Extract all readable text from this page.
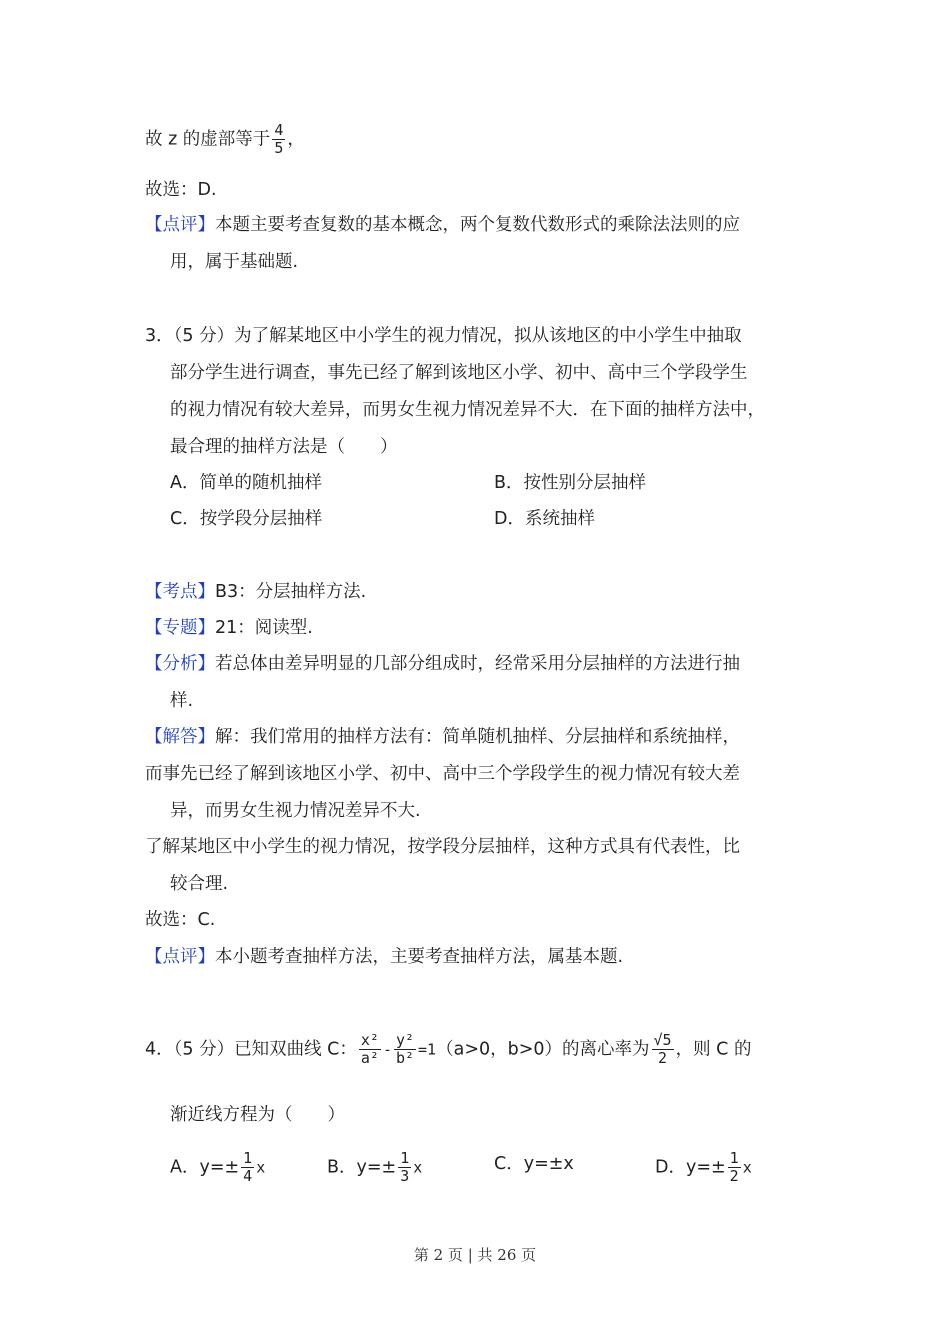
故 z 的虚部等于 $\frac{4}{5}$ ，
故选：D.
【点评】本题主要考查复数的基本概念，两个复数代数形式的乘除法法则的应
用，属于基础题.
3．（5 分）为了解某地区中小学生的视力情况，拟从该地区的中小学生中抽取
部分学生进行调查，事先已经了解到该地区小学、初中、高中三个学段学生
的视力情况有较大差异，而男女生视力情况差异不大．在下面的抽样方法中，
最合理的抽样方法是（　　）
A．简单的随机抽样	B．按性别分层抽样
C．按学段分层抽样	D．系统抽样
【考点】B3：分层抽样方法.
【专题】21：阅读型.
【分析】若总体由差异明显的几部分组成时，经常采用分层抽样的方法进行抽
样.
【解答】解：我们常用的抽样方法有：简单随机抽样、分层抽样和系统抽样，
而事先已经了解到该地区小学、初中、高中三个学段学生的视力情况有较大差
异，而男女生视力情况差异不大.
了解某地区中小学生的视力情况，按学段分层抽样，这种方式具有代表性，比
较合理.
故选：C.
【点评】本小题考查抽样方法，主要考查抽样方法，属基本题.
4．（5 分）已知双曲线 C： $\frac{\text{x²}}{\text{a²}} - \frac{\text{y²}}{\text{b²}} =1(a>0$，b>0）的离心率为 $\frac{√5}{2}$ ，则 C 的
渐近线方程为（　　）
A．$y=\pm \frac{1}{4}$ x	B．$y=\pm \frac{1}{3}$ x	C．y=±x	D．$y=\pm \frac{1}{2}$ x
第 2 页 | 共 26 页
